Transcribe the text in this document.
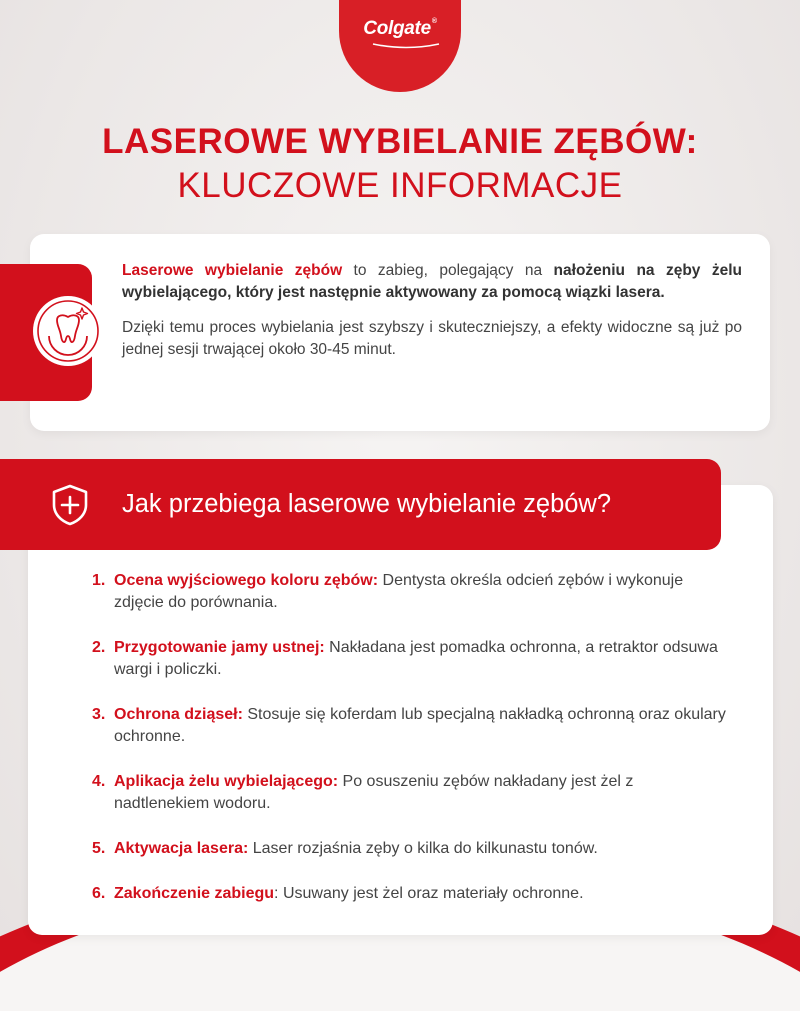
Colgate®
LASEROWE WYBIELANIE ZĘBÓW:
KLUCZOWE INFORMACJE

Laserowe wybielanie zębów to zabieg, polegający na nałożeniu na zęby żelu wybielającego, który jest następnie aktywowany za pomocą wiązki lasera.

Dzięki temu proces wybielania jest szybszy i skuteczniejszy, a efekty widoczne są już po jednej sesji trwającej około 30-45 minut.

Jak przebiega laserowe wybielanie zębów?
1. Ocena wyjściowego koloru zębów: Dentysta określa odcień zębów i wykonuje zdjęcie do porównania.
2. Przygotowanie jamy ustnej: Nakładana jest pomadka ochronna, a retraktor odsuwa wargi i policzki.
3. Ochrona dziąseł: Stosuje się koferdam lub specjalną nakładką ochronną oraz okulary ochronne.
4. Aplikacja żelu wybielającego: Po osuszeniu zębów nakładany jest żel z nadtlenekiem wodoru.
5. Aktywacja lasera: Laser rozjaśnia zęby o kilka do kilkunastu tonów.
6. Zakończenie zabiegu: Usuwany jest żel oraz materiały ochronne.
